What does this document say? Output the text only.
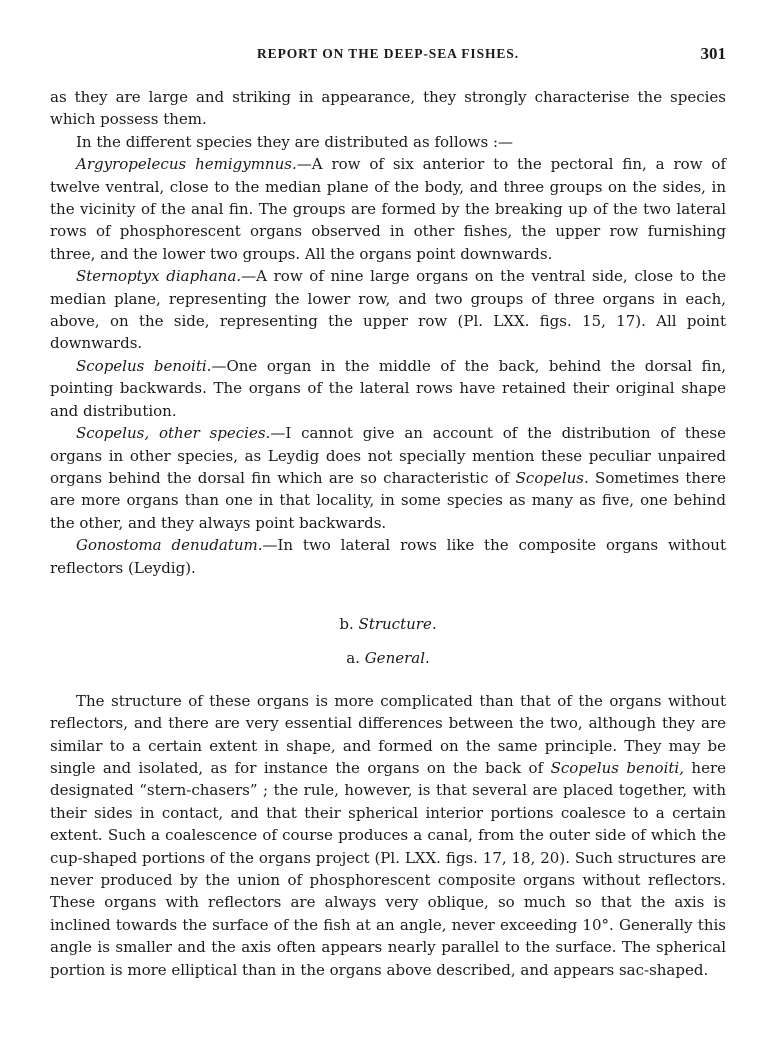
REPORT ON THE DEEP-SEA FISHES.	301

as they are large and striking in appearance, they strongly characterise the species which possess them.

In the different species they are distributed as follows :—

Argyropelecus hemigymnus.—A row of six anterior to the pectoral fin, a row of twelve ventral, close to the median plane of the body, and three groups on the sides, in the vicinity of the anal fin. The groups are formed by the breaking up of the two lateral rows of phosphorescent organs observed in other fishes, the upper row furnishing three, and the lower two groups. All the organs point downwards.

Sternoptyx diaphana.—A row of nine large organs on the ventral side, close to the median plane, representing the lower row, and two groups of three organs in each, above, on the side, representing the upper row (Pl. LXX. figs. 15, 17). All point downwards.

Scopelus benoiti.—One organ in the middle of the back, behind the dorsal fin, pointing backwards. The organs of the lateral rows have retained their original shape and distribution.

Scopelus, other species.—I cannot give an account of the distribution of these organs in other species, as Leydig does not specially mention these peculiar unpaired organs behind the dorsal fin which are so characteristic of Scopelus. Sometimes there are more organs than one in that locality, in some species as many as five, one behind the other, and they always point backwards.

Gonostoma denudatum.—In two lateral rows like the composite organs without reflectors (Leydig).

b. Structure.

a. General.

The structure of these organs is more complicated than that of the organs without reflectors, and there are very essential differences between the two, although they are similar to a certain extent in shape, and formed on the same principle. They may be single and isolated, as for instance the organs on the back of Scopelus benoiti, here designated “stern-chasers” ; the rule, however, is that several are placed together, with their sides in contact, and that their spherical interior portions coalesce to a certain extent. Such a coalescence of course produces a canal, from the outer side of which the cup-shaped portions of the organs project (Pl. LXX. figs. 17, 18, 20). Such structures are never produced by the union of phosphorescent composite organs without reflectors. These organs with reflectors are always very oblique, so much so that the axis is inclined towards the surface of the fish at an angle, never exceeding 10°. Generally this angle is smaller and the axis often appears nearly parallel to the surface. The spherical portion is more elliptical than in the organs above described, and appears sac-shaped.
